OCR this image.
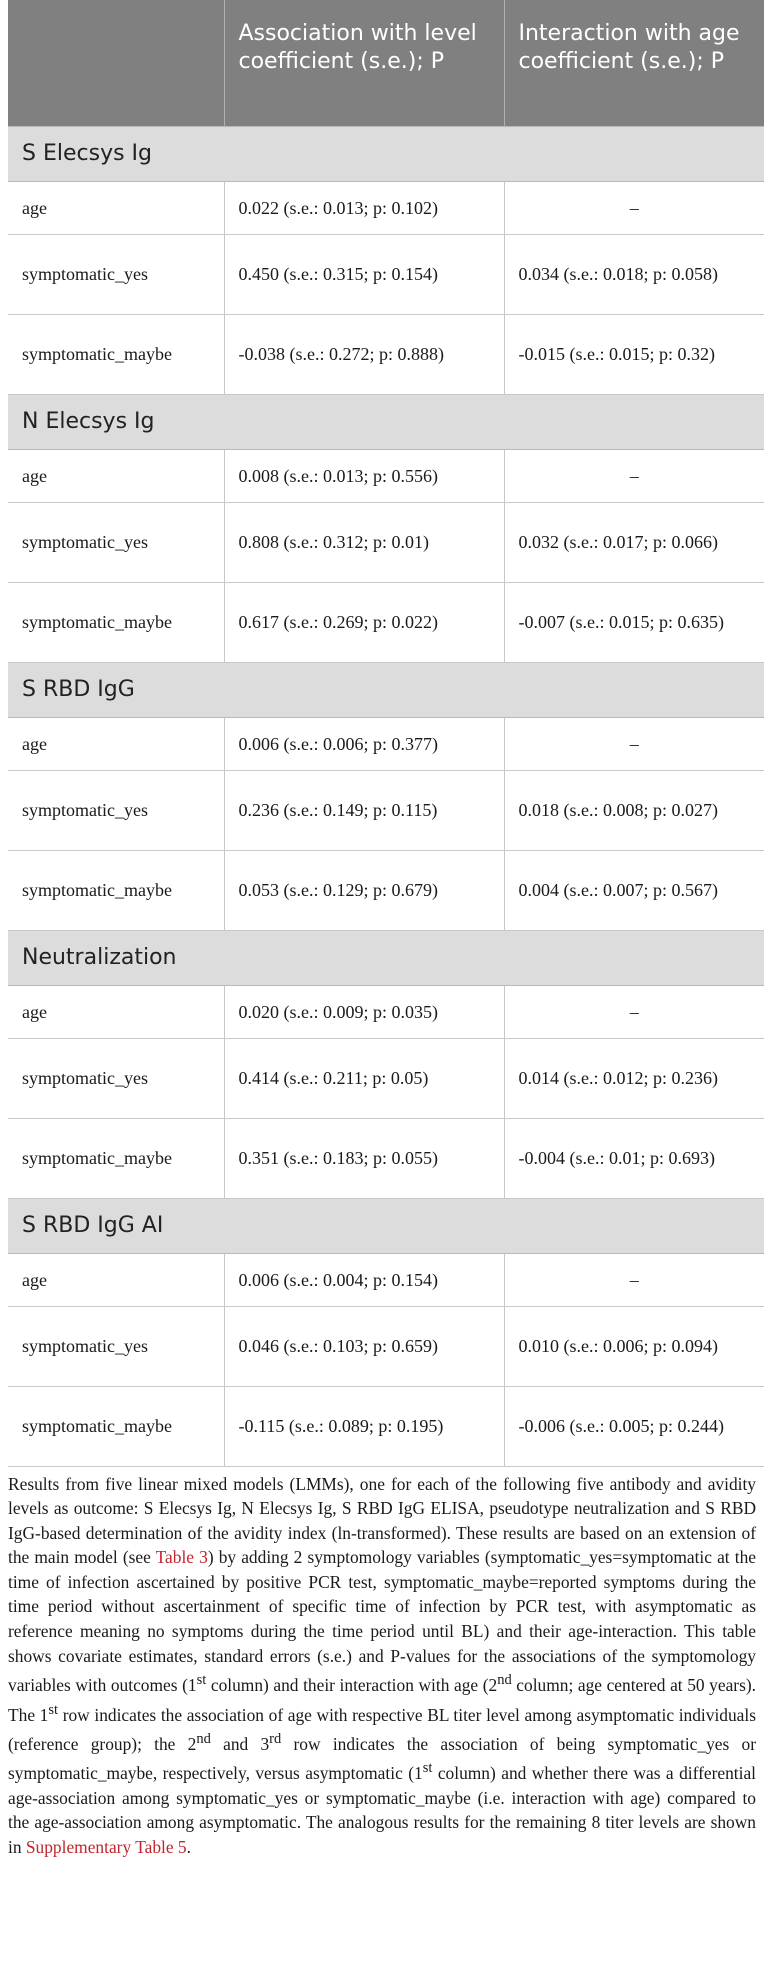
	Association with level coefficient (s.e.); P	Interaction with age coefficient (s.e.); P
S Elecsys Ig		
age	0.022 (s.e.: 0.013; p: 0.102)	–
symptomatic_yes	0.450 (s.e.: 0.315; p: 0.154)	0.034 (s.e.: 0.018; p: 0.058)
symptomatic_maybe	-0.038 (s.e.: 0.272; p: 0.888)	-0.015 (s.e.: 0.015; p: 0.32)
N Elecsys Ig		
age	0.008 (s.e.: 0.013; p: 0.556)	–
symptomatic_yes	0.808 (s.e.: 0.312; p: 0.01)	0.032 (s.e.: 0.017; p: 0.066)
symptomatic_maybe	0.617 (s.e.: 0.269; p: 0.022)	-0.007 (s.e.: 0.015; p: 0.635)
S RBD IgG		
age	0.006 (s.e.: 0.006; p: 0.377)	–
symptomatic_yes	0.236 (s.e.: 0.149; p: 0.115)	0.018 (s.e.: 0.008; p: 0.027)
symptomatic_maybe	0.053 (s.e.: 0.129; p: 0.679)	0.004 (s.e.: 0.007; p: 0.567)
Neutralization		
age	0.020 (s.e.: 0.009; p: 0.035)	–
symptomatic_yes	0.414 (s.e.: 0.211; p: 0.05)	0.014 (s.e.: 0.012; p: 0.236)
symptomatic_maybe	0.351 (s.e.: 0.183; p: 0.055)	-0.004 (s.e.: 0.01; p: 0.693)
S RBD IgG AI		
age	0.006 (s.e.: 0.004; p: 0.154)	–
symptomatic_yes	0.046 (s.e.: 0.103; p: 0.659)	0.010 (s.e.: 0.006; p: 0.094)
symptomatic_maybe	-0.115 (s.e.: 0.089; p: 0.195)	-0.006 (s.e.: 0.005; p: 0.244)

Results from five linear mixed models (LMMs), one for each of the following five antibody and avidity levels as outcome: S Elecsys Ig, N Elecsys Ig, S RBD IgG ELISA, pseudotype neutralization and S RBD IgG-based determination of the avidity index (ln-transformed). These results are based on an extension of the main model (see Table 3) by adding 2 symptomology variables (symptomatic_yes=symptomatic at the time of infection ascertained by positive PCR test, symptomatic_maybe=reported symptoms during the time period without ascertainment of specific time of infection by PCR test, with asymptomatic as reference meaning no symptoms during the time period until BL) and their age-interaction. This table shows covariate estimates, standard errors (s.e.) and P-values for the associations of the symptomology variables with outcomes (1st column) and their interaction with age (2nd column; age centered at 50 years). The 1st row indicates the association of age with respective BL titer level among asymptomatic individuals (reference group); the 2nd and 3rd row indicates the association of being symptomatic_yes or symptomatic_maybe, respectively, versus asymptomatic (1st column) and whether there was a differential age-association among symptomatic_yes or symptomatic_maybe (i.e. interaction with age) compared to the age-association among asymptomatic. The analogous results for the remaining 8 titer levels are shown in Supplementary Table 5.
